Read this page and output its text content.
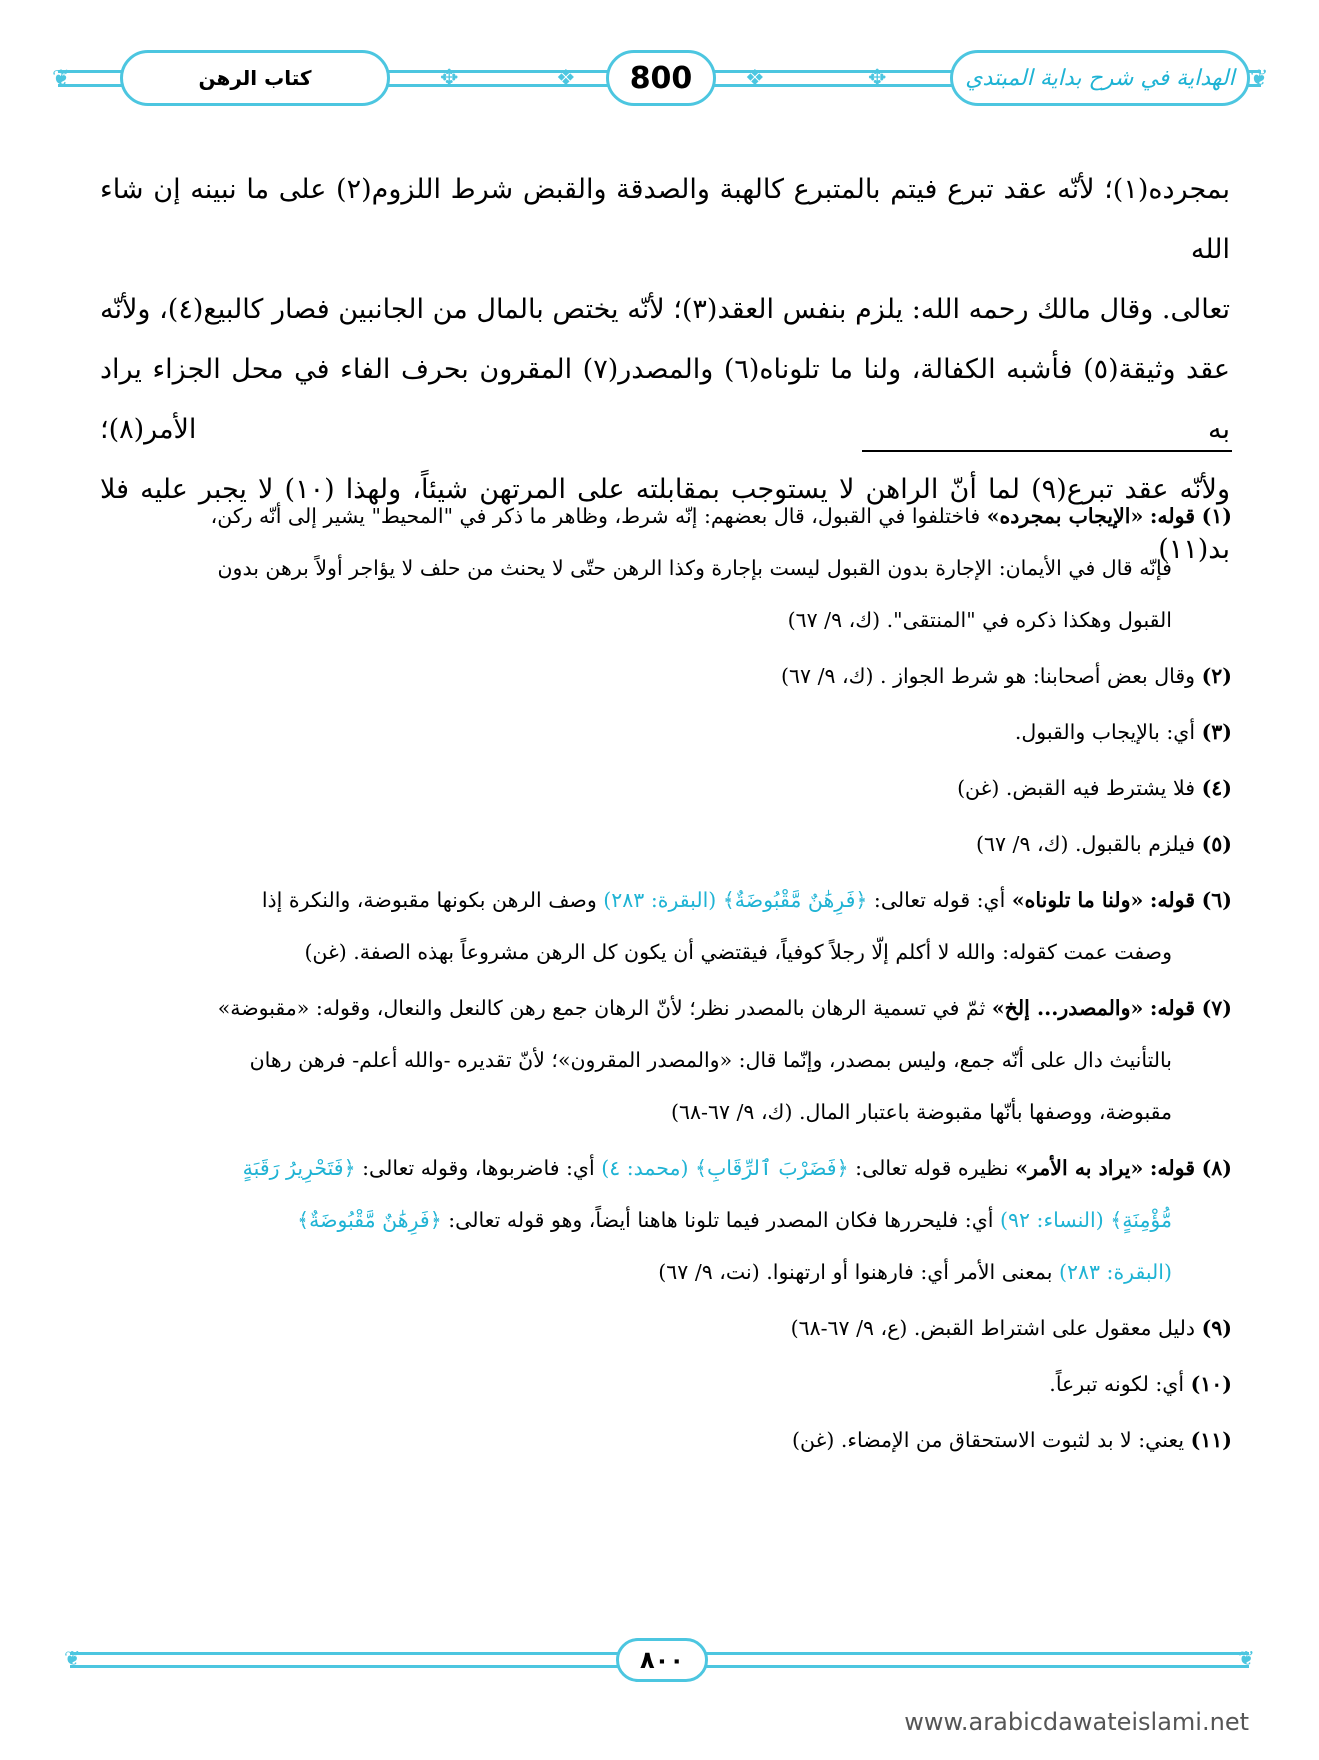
❦	✥	❖	❖	✥	❦
كتاب الرهن	800	الهداية في شرح بداية المبتدي

بمجرده(١)؛ لأنّه عقد تبرع فيتم بالمتبرع كالهبة والصدقة والقبض شرط اللزوم(٢) على ما نبينه إن شاء الله

تعالى. وقال مالك رحمه الله: يلزم بنفس العقد(٣)؛ لأنّه يختص بالمال من الجانبين فصار كالبيع(٤)، ولأنّه

عقد وثيقة(٥) فأشبه الكفالة، ولنا ما تلوناه(٦) والمصدر(٧) المقرون بحرف الفاء في محل الجزاء يراد به الأمر(٨)؛

ولأنّه عقد تبرع(٩) لما أنّ الراهن لا يستوجب بمقابلته على المرتهن شيئاً، ولهذا (١٠) لا يجبر عليه فلا بد(١١)

(١) قوله: «الإيجاب بمجرده» فاختلفوا في القبول، قال بعضهم: إنّه شرط، وظاهر ما ذكر في "المحيط" يشير إلى أنّه ركن،
فإنّه قال في الأيمان: الإجارة بدون القبول ليست بإجارة وكذا الرهن حتّى لا يحنث من حلف لا يؤاجر أولاً برهن بدون
القبول وهكذا ذكره في "المنتقى". (ك، ٩/ ٦٧)
(٢) وقال بعض أصحابنا: هو شرط الجواز . (ك، ٩/ ٦٧)
(٣) أي: بالإيجاب والقبول.
(٤) فلا يشترط فيه القبض. (غن)
(٥) فيلزم بالقبول. (ك، ٩/ ٦٧)
(٦) قوله: «ولنا ما تلوناه» أي: قوله تعالى: ﴿فَرِهَٰنٌ مَّقْبُوضَةٌ﴾ (البقرة: ٢٨٣) وصف الرهن بكونها مقبوضة، والنكرة إذا
وصفت عمت كقوله: والله لا أكلم إلّا رجلاً كوفياً، فيقتضي أن يكون كل الرهن مشروعاً بهذه الصفة. (غن)
(٧) قوله: «والمصدر... إلخ» ثمّ في تسمية الرهان بالمصدر نظر؛ لأنّ الرهان جمع رهن كالنعل والنعال، وقوله: «مقبوضة»
بالتأنيث دال على أنّه جمع، وليس بمصدر، وإنّما قال: «والمصدر المقرون»؛ لأنّ تقديره -والله أعلم- فرهن رهان
مقبوضة، ووصفها بأنّها مقبوضة باعتبار المال. (ك، ٩/ ٦٧-٦٨)
(٨) قوله: «يراد به الأمر» نظيره قوله تعالى: ﴿فَضَرْبَ ٱلرِّقَابِ﴾ (محمد: ٤) أي: فاضربوها، وقوله تعالى: ﴿فَتَحْرِيرُ رَقَبَةٍ
مُّؤْمِنَةٍ﴾ (النساء: ٩٢) أي: فليحررها فكان المصدر فيما تلونا هاهنا أيضاً، وهو قوله تعالى: ﴿فَرِهَٰنٌ مَّقْبُوضَةٌ﴾
(البقرة: ٢٨٣) بمعنى الأمر أي: فارهنوا أو ارتهنوا. (نت، ٩/ ٦٧)
(٩) دليل معقول على اشتراط القبض. (ع، ٩/ ٦٧-٦٨)
(١٠) أي: لكونه تبرعاً.
(١١) يعني: لا بد لثبوت الاستحقاق من الإمضاء. (غن)
❦	❦
٨٠٠
www.arabicdawateislami.net
